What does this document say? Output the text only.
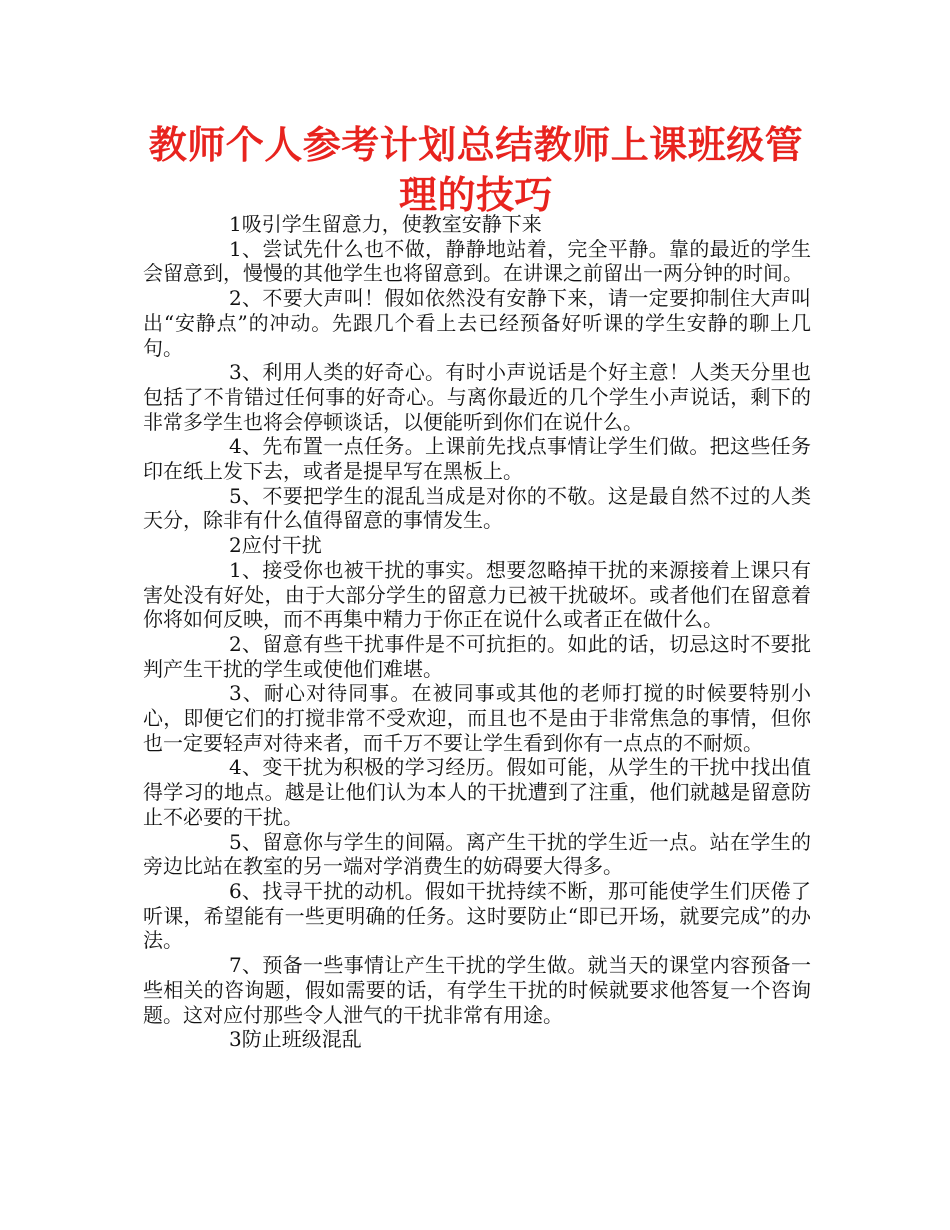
教师个人参考计划总结教师上课班级管理的技巧

1吸引学生留意力，使教室安静下来

1、尝试先什么也不做，静静地站着，完全平静。靠的最近的学生会留意到，慢慢的其他学生也将留意到。在讲课之前留出一两分钟的时间。

2、不要大声叫！假如依然没有安静下来，请一定要抑制住大声叫出“安静点”的冲动。先跟几个看上去已经预备好听课的学生安静的聊上几句。

3、利用人类的好奇心。有时小声说话是个好主意！人类天分里也包括了不肯错过任何事的好奇心。与离你最近的几个学生小声说话，剩下的非常多学生也将会停顿谈话，以便能听到你们在说什么。

4、先布置一点任务。上课前先找点事情让学生们做。把这些任务印在纸上发下去，或者是提早写在黑板上。

5、不要把学生的混乱当成是对你的不敬。这是最自然不过的人类天分，除非有什么值得留意的事情发生。

2应付干扰

1、接受你也被干扰的事实。想要忽略掉干扰的来源接着上课只有害处没有好处，由于大部分学生的留意力已被干扰破坏。或者他们在留意着你将如何反映，而不再集中精力于你正在说什么或者正在做什么。

2、留意有些干扰事件是不可抗拒的。如此的话，切忌这时不要批判产生干扰的学生或使他们难堪。

3、耐心对待同事。在被同事或其他的老师打搅的时候要特别小心，即便它们的打搅非常不受欢迎，而且也不是由于非常焦急的事情，但你也一定要轻声对待来者，而千万不要让学生看到你有一点点的不耐烦。

4、变干扰为积极的学习经历。假如可能，从学生的干扰中找出值得学习的地点。越是让他们认为本人的干扰遭到了注重，他们就越是留意防止不必要的干扰。

5、留意你与学生的间隔。离产生干扰的学生近一点。站在学生的旁边比站在教室的另一端对学消费生的妨碍要大得多。

6、找寻干扰的动机。假如干扰持续不断，那可能使学生们厌倦了听课，希望能有一些更明确的任务。这时要防止“即已开场，就要完成”的办法。

7、预备一些事情让产生干扰的学生做。就当天的课堂内容预备一些相关的咨询题，假如需要的话，有学生干扰的时候就要求他答复一个咨询题。这对应付那些令人泄气的干扰非常有用途。

3防止班级混乱
